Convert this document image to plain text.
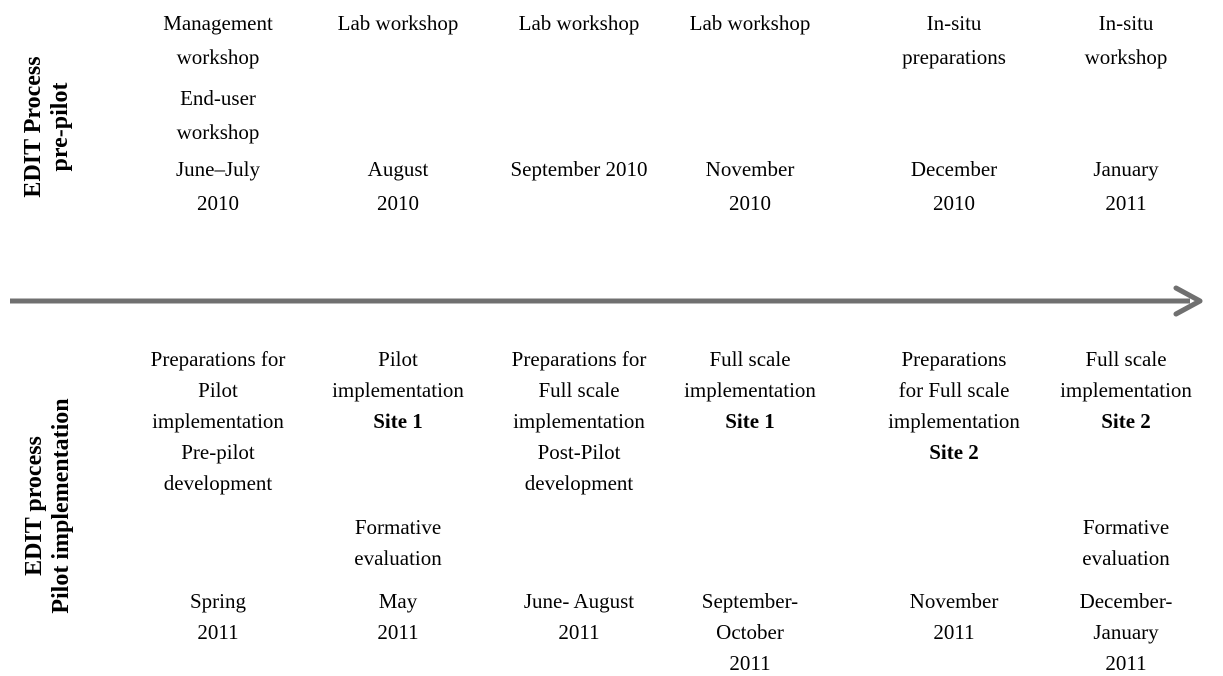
EDIT Process pre-pilot
EDIT process Pilot implementation
Management
workshop
End-user
workshop
June–July
2010
Lab workshop
August
2010
Lab workshop
September 2010
Lab workshop
November
2010
In-situ
preparations
December
2010
In-situ
workshop
January
2011
Preparations for
Pilot
implementation
Pre-pilot
development
Spring
2011
Pilot
implementation
Site 1
Formative
evaluation
May
2011
Preparations for
Full scale
implementation
Post-Pilot
development
June- August
2011
Full scale
implementation
Site 1
September-
October
2011
Preparations
for Full scale
implementation
Site 2
November
2011
Full scale
implementation
Site 2
Formative
evaluation
December-
January
2011
